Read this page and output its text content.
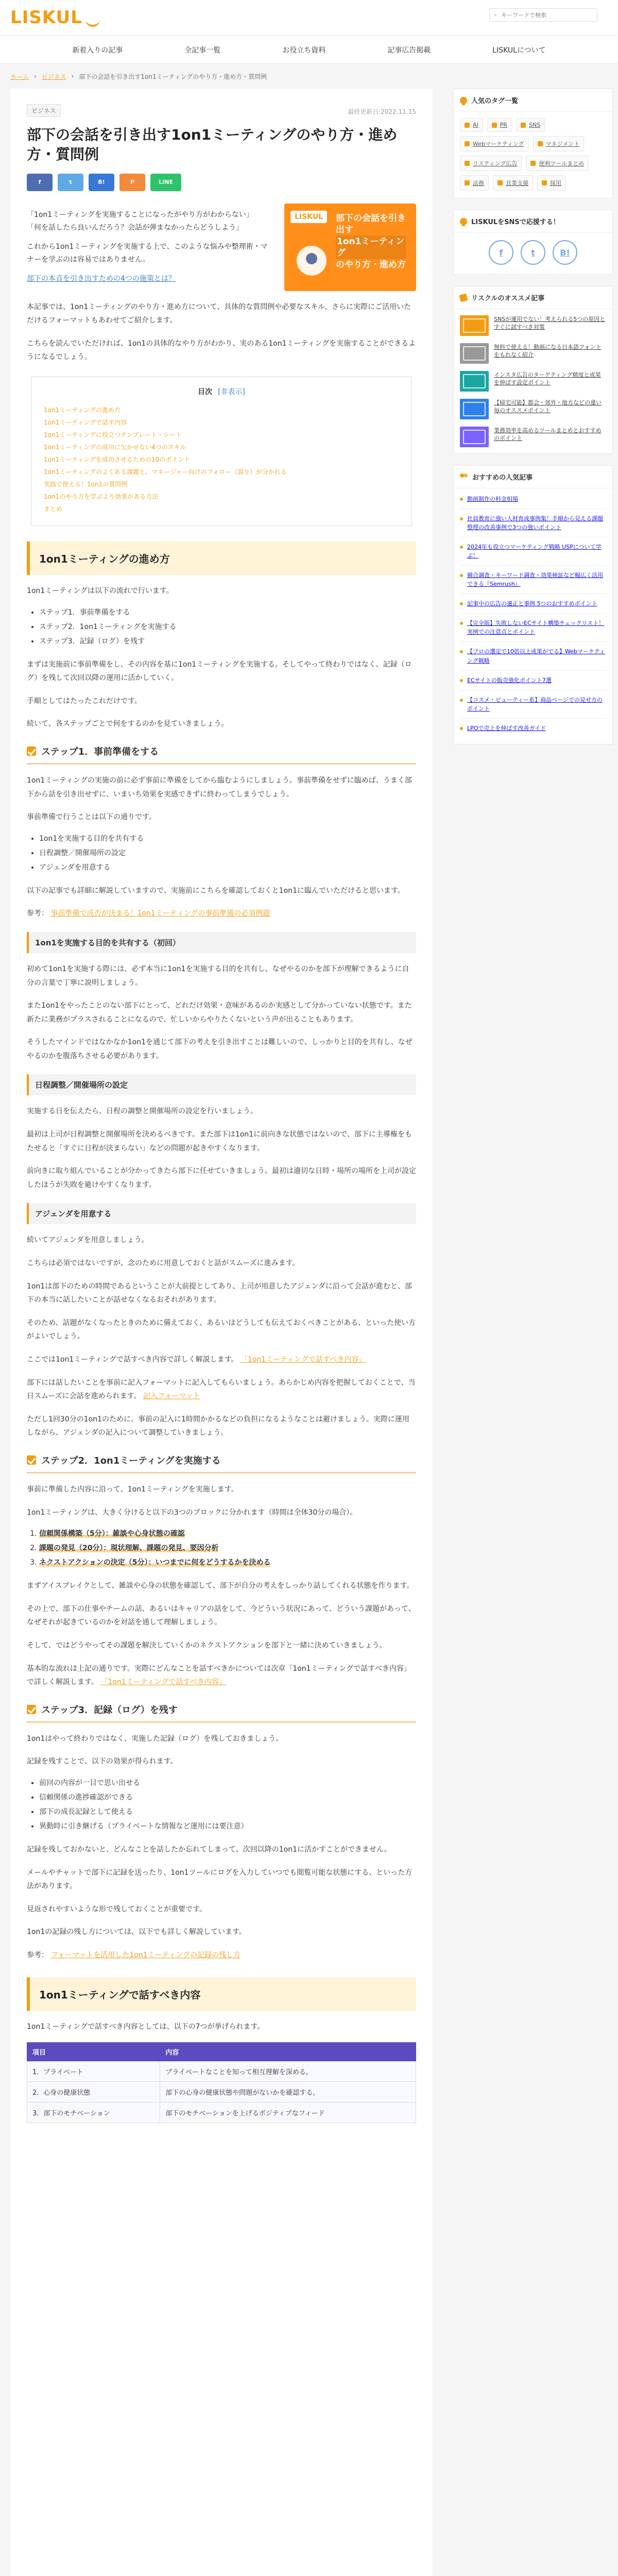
LISKUL	⌕
キーワードで検索
新着入りの記事	全記事一覧	お役立ち資料	記事広告掲載	LISKULについて
ホーム › ビジネス › 部下の会話を引き出す1on1ミーティングのやり方・進め方・質問例
ビジネス	最終更新日:2022.11.15
部下の会話を引き出す1on1ミーティングのやり方・進め方・質問例
f	t	B!	P	LINE
「1on1ミーティングを実施することになったがやり方がわからない」
「何を話したら良いんだろう？会話が弾まなかったらどうしよう」
これから1on1ミーティングを実施する上で、このような悩みや整理術・マナーを学ぶのは容易ではありません。
部下の本音を引き出すための4つの施策とは？
LISKUL	部下の会話を引き出す
1on1ミーティング
のやり方・進め方

本記事では、1on1ミーティングのやり方・進め方について、具体的な質問例や必要なスキル、さらに実際にご活用いただけるフォーマットもあわせてご紹介します。

こちらを読んでいただければ、1on1の具体的なやり方がわかり、実のある1on1ミーティングを実施することができるようになるでしょう。

目次 [非表示]
1on1ミーティングの進め方
1on1ミーティングで話す内容
1on1ミーティングに役立つテンプレート・シート
1on1ミーティングの成功に欠かせない4つのスキル
1on1ミーティングを成功させるための10のポイント
1on1ミーティングのよくある課題と、マネージャー向けのフォロー（誤り）が分かれる
実践で使える！1on1の質問例
1on1のやり方を学ぶより効果がある方法
まとめ
1on1ミーティングの進め方

1on1ミーティングは以下の流れで行います。

• ステップ1．事前準備をする
• ステップ2．1on1ミーティングを実施する
• ステップ3．記録（ログ）を残す

まずは実施前に事前準備をし、その内容を基に1on1ミーティングを実施する。そしてやって終わりではなく、記録（ログ）を残して次回以降の運用に活かしていく。

手順としてはたったこれだけです。

続いて、各ステップごとで何をするのかを見ていきましょう。

ステップ1．事前準備をする

1on1ミーティングの実施の前に必ず事前に準備をしてから臨むようにしましょう。事前準備をせずに臨めば、うまく部下から話を引き出せずに、いまいち効果を実感できずに終わってしまうでしょう。

事前準備で行うことは以下の通りです。

• 1on1を実施する目的を共有する
• 日程調整／開催場所の設定
• アジェンダを用意する

以下の記事でも詳細に解説していますので、実施前にこちらを確認しておくと1on1に臨んでいただけると思います。

参考： 事前準備で成否が決まる！1on1ミーティングの事前準備の必須例題

1on1を実施する目的を共有する（初回）

初めて1on1を実施する際には、必ず本当に1on1を実施する目的を共有し、なぜやるのかを部下が理解できるように自分の言葉で丁寧に説明しましょう。

また1on1をやったことのない部下にとって、どれだけ効果・意味があるのか実感として分かっていない状態です。また新たに業務がプラスされることになるので、忙しいからやりたくないという声が出ることもあります。

そうしたマインドではなかなか1on1を通じて部下の考えを引き出すことは難しいので、しっかりと目的を共有し、なぜやるのかを腹落ちさせる必要があります。

日程調整／開催場所の設定

実施する日を伝えたら、日程の調整と開催場所の設定を行いましょう。

最初は上司が日程調整と開催場所を決めるべきです。また部下は1on1に前向きな状態ではないので、部下に主導権をもたせると「すぐに日程が決まらない」などの問題が起きやすくなります。

前向きに取り組んでいることが分かってきたら部下に任せていきましょう。最初は適切な日時・場所の場所を上司が設定したほうが失敗を避けやすくなります。

アジェンダを用意する

続いてアジェンダを用意しましょう。

こちらは必須ではないですが、念のために用意しておくと話がスムーズに進みます。

1on1は部下のための時間であるということが大前提としてあり、上司が用意したアジェンダに沿って会話が進むと、部下の本当に話したいことが話せなくなるおそれがあります。

そのため、話題がなくなったときのために備えておく、あるいはどうしても伝えておくべきことがある、といった使い方がよいでしょう。

ここでは1on1ミーティングで話すべき内容で詳しく解説します。 「1on1ミーティングで話すべき内容」

部下には話したいことを事前に記入フォーマットに記入してもらいましょう。あらかじめ内容を把握しておくことで、当日スムーズに会話を進められます。 記入フォーマット

ただし1回30分の1on1のために、事前の記入に1時間かかるなどの負担になるようなことは避けましょう。実際に運用しながら、アジェンダの記入について調整していきましょう。

ステップ2．1on1ミーティングを実施する

事前に準備した内容に沿って、1on1ミーティングを実施します。

1on1ミーティングは、大きく分けると以下の3つのブロックに分かれます（時間は全体30分の場合）。

1. 信頼関係構築（5分）：雑談や心身状態の確認
2. 課題の発見（20分）：現状理解、課題の発見、要因分析
3. ネクストアクションの決定（5分）：いつまでに何をどうするかを決める

まずアイスブレイクとして、雑談や心身の状態を確認して、部下が自分の考えをしっかり話してくれる状態を作ります。

その上で、部下の仕事やチームの話、あるいはキャリアの話をして、今どういう状況にあって、どういう課題があって、なぜそれが起きているのかを対話を通して理解しましょう。

そして、ではどうやってその課題を解決していくかのネクストアクションを部下と一緒に決めていきましょう。

基本的な流れは上記の通りです。実際にどんなことを話すべきかについては次章「1on1ミーティングで話すべき内容」で詳しく解説します。 「1on1ミーティングで話すべき内容」

ステップ3．記録（ログ）を残す

1on1はやって終わりではなく、実施した記録（ログ）を残しておきましょう。

記録を残すことで、以下の効果が得られます。

• 前回の内容が一目で思い出せる
• 信頼関係の進捗確認ができる
• 部下の成長記録として使える
• 異動時に引き継げる（プライベートな情報など運用には要注意）

記録を残しておかないと、どんなことを話したか忘れてしまって、次回以降の1on1に活かすことができません。

メールやチャットで部下に記録を送ったり、1on1ツールにログを入力していつでも閲覧可能な状態にする、といった方法があります。

見返されやすいような形で残しておくことが重要です。

1on1の記録の残し方については、以下でも詳しく解説しています。

参考： フォーマットを活用した1on1ミーティングの記録の残し方

1on1ミーティングで話すべき内容

1on1ミーティングで話すべき内容としては、以下の7つが挙げられます。

項目	内容
1．プライベート	プライベートなことを知って相互理解を深める。
2．心身の健康状態	部下の心身の健康状態や問題がないかを確認する。
3．部下のモチベーション	部下のモチベーションを上げるポジティブなフィード
人気のタグ一覧
AI	PR	SNS
Webマーケティング	マネジメント
リスティング広告	便利ツールまとめ
法務	営業支援	採用
LISKULをSNSで応援する！
f	t	B!
リスクルのオススメ記事
SNSが運用でない！考えられる5つの原因とすぐに試すべき対策
無料で使える！動画になる日本語フォントをもれなく紹介
インスタ広告のターゲティング精度と成果を伸ばす設定ポイント
【帰宅可能】都会・郊外・地方などの違い毎のオススメポイント
業務効率を高めるツールまとめとおすすめのポイント
おすすめの人気記事
動画制作の料金相場
社員教育に強い人材育成事例集！手順から見える課題整理の改善事例で3つの強いポイント
2024年も役立つマーケティング戦略 USPについて学ぶ！
競合調査・キーワード調査・効果検証など幅広く活用できる『Semrush』
記事中の広告の適正と事例 5つのおすすめポイント
【完全版】失敗しないECサイト構築チェックリスト！実例での注意点とポイント
【プロの選定で10倍以上成果がでる】Webマーケティング戦略
ECサイトの販売強化ポイント7選
【コスメ・ビューティー系】商品ページでの見せ方のポイント
LPOで売上を伸ばす改善ガイド
